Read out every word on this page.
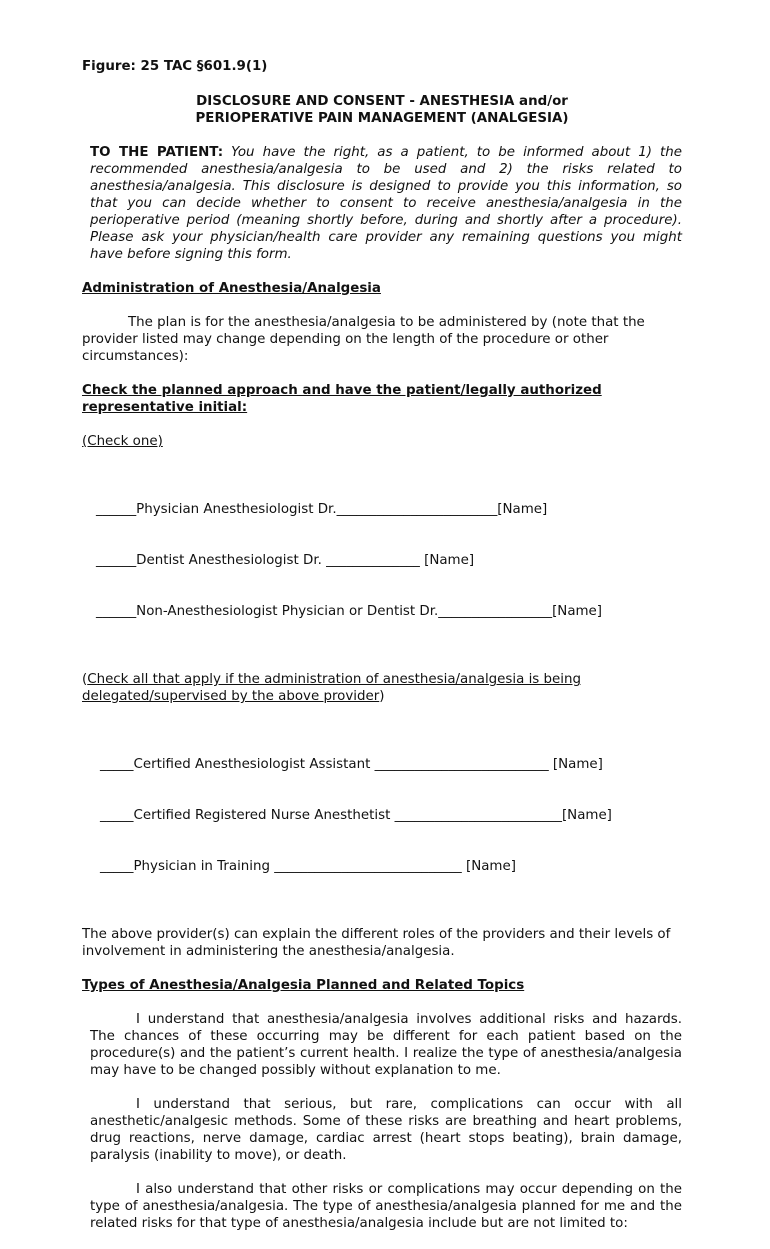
Figure: 25 TAC §601.9(1)
DISCLOSURE AND CONSENT - ANESTHESIA and/or
PERIOPERATIVE PAIN MANAGEMENT (ANALGESIA)
TO THE PATIENT: You have the right, as a patient, to be informed about 1) the recommended anesthesia/analgesia to be used and 2) the risks related to anesthesia/analgesia. This disclosure is designed to provide you this information, so that you can decide whether to consent to receive anesthesia/analgesia in the perioperative period (meaning shortly before, during and shortly after a procedure). Please ask your physician/health care provider any remaining questions you might have before signing this form.
Administration of Anesthesia/Analgesia

The plan is for the anesthesia/analgesia to be administered by (note that the provider listed may change depending on the length of the procedure or other circumstances):

Check the planned approach and have the patient/legally authorized representative initial:

(Check one)

______Physician Anesthesiologist Dr.________________________[Name]

______Dentist Anesthesiologist Dr. ______________ [Name]

______Non-Anesthesiologist Physician or Dentist Dr._________________[Name]

(Check all that apply if the administration of anesthesia/analgesia is being delegated/supervised by the above provider)

_____Certified Anesthesiologist Assistant __________________________ [Name]

_____Certified Registered Nurse Anesthetist _________________________[Name]

_____Physician in Training ____________________________ [Name]

The above provider(s) can explain the different roles of the providers and their levels of involvement in administering the anesthesia/analgesia.

Types of Anesthesia/Analgesia Planned and Related Topics

I understand that anesthesia/analgesia involves additional risks and hazards. The chances of these occurring may be different for each patient based on the procedure(s) and the patient’s current health. I realize the type of anesthesia/analgesia may have to be changed possibly without explanation to me.

I understand that serious, but rare, complications can occur with all anesthetic/analgesic methods. Some of these risks are breathing and heart problems, drug reactions, nerve damage, cardiac arrest (heart stops beating), brain damage, paralysis (inability to move), or death.

I also understand that other risks or complications may occur depending on the type of anesthesia/analgesia. The type of anesthesia/analgesia planned for me and the related risks for that type of anesthesia/analgesia include but are not limited to:
